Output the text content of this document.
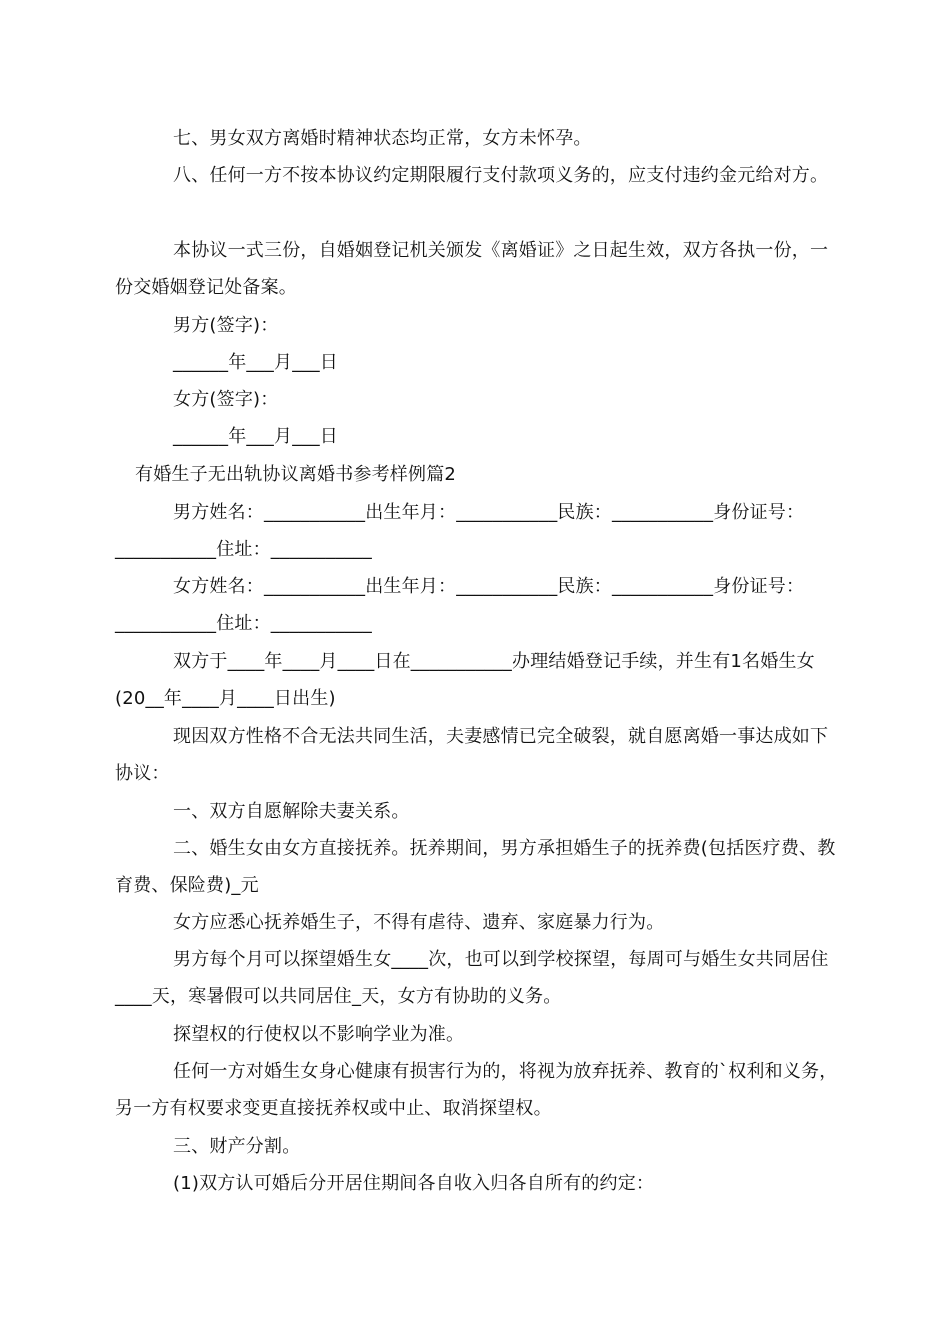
七、男女双方离婚时精神状态均正常，女方未怀孕。
八、任何一方不按本协议约定期限履行支付款项义务的，应支付违约金元给对方。
本协议一式三份，自婚姻登记机关颁发《离婚证》之日起生效，双方各执一份，一份交婚姻登记处备案。
男方(签字)：
______年___月___日
女方(签字)：
______年___月___日
有婚生子无出轨协议离婚书参考样例篇2
男方姓名：___________出生年月：___________民族：___________身份证号：___________住址：___________
女方姓名：___________出生年月：___________民族：___________身份证号：___________住址：___________
双方于____年____月____日在___________办理结婚登记手续，并生有1名婚生女(20__年____月____日出生)
现因双方性格不合无法共同生活，夫妻感情已完全破裂，就自愿离婚一事达成如下协议：
一、双方自愿解除夫妻关系。
二、婚生女由女方直接抚养。抚养期间，男方承担婚生子的抚养费(包括医疗费、教育费、保险费)_元
女方应悉心抚养婚生子，不得有虐待、遗弃、家庭暴力行为。
男方每个月可以探望婚生女____次，也可以到学校探望，每周可与婚生女共同居住____天，寒暑假可以共同居住_天，女方有协助的义务。
探望权的行使权以不影响学业为准。
任何一方对婚生女身心健康有损害行为的，将视为放弃抚养、教育的`权利和义务，另一方有权要求变更直接抚养权或中止、取消探望权。
三、财产分割。
(1)双方认可婚后分开居住期间各自收入归各自所有的约定：
